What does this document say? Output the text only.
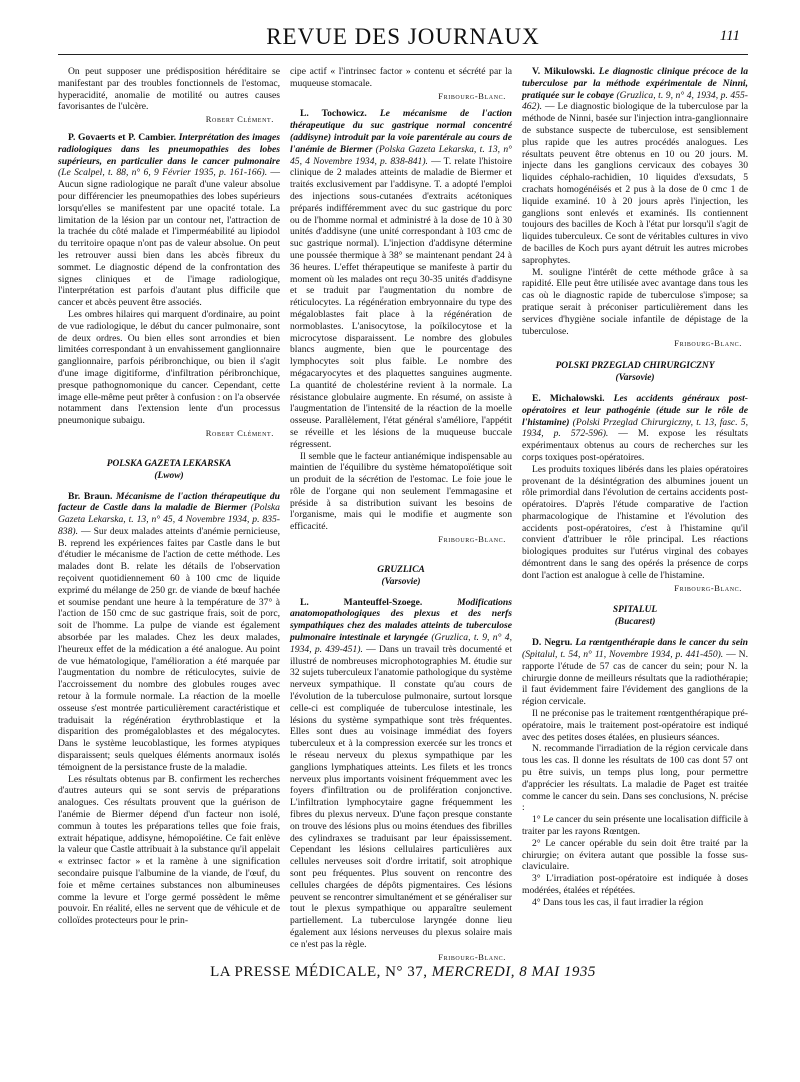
REVUE DES JOURNAUX	111

On peut supposer une prédisposition héréditaire se manifestant par des troubles fonctionnels de l'estomac, hyperacidité, anomalie de motilité ou autres causes favorisantes de l'ulcère.

Robert Clément.

P. Govaerts et P. Cambier. Interprétation des images radiologiques dans les pneumopathies des lobes supérieurs, en particulier dans le cancer pulmonaire (Le Scalpel, t. 88, n° 6, 9 Février 1935, p. 161-166). — Aucun signe radiologique ne paraît d'une valeur absolue pour différencier les pneumopathies des lobes supérieurs lorsqu'elles se manifestent par une opacité totale. La limitation de la lésion par un contour net, l'attraction de la trachée du côté malade et l'imperméabilité au lipiodol du territoire opaque n'ont pas de valeur absolue. On peut les retrouver aussi bien dans les abcès fibreux du sommet. Le diagnostic dépend de la confrontation des signes cliniques et de l'image radiologique, l'interprétation est parfois d'autant plus difficile que cancer et abcès peuvent être associés.

Les ombres hilaires qui marquent d'ordinaire, au point de vue radiologique, le début du cancer pulmonaire, sont de deux ordres. Ou bien elles sont arrondies et bien limitées correspondant à un envahissement ganglionnaire ganglionnaire, parfois péribronchique, ou bien il s'agit d'une image digitiforme, d'infiltration péribronchique, presque pathognomonique du cancer. Cependant, cette image elle-même peut prêter à confusion : on l'a observée notamment dans l'extension lente d'un processus pneumonique subaigu.

Robert Clément.
POLSKA GAZETA LEKARSKA
(Lwow)

Br. Braun. Mécanisme de l'action thérapeutique du facteur de Castle dans la maladie de Biermer (Polska Gazeta Lekarska, t. 13, n° 45, 4 Novembre 1934, p. 835-838). — Sur deux malades atteints d'anémie pernicieuse, B. reprend les expériences faites par Castle dans le but d'étudier le mécanisme de l'action de cette méthode. Les malades dont B. relate les détails de l'observation reçoivent quotidiennement 60 à 100 cmc de liquide exprimé du mélange de 250 gr. de viande de bœuf hachée et soumise pendant une heure à la température de 37° à l'action de 150 cmc de suc gastrique frais, soit de porc, soit de l'homme. La pulpe de viande est également absorbée par les malades. Chez les deux malades, l'heureux effet de la médication a été analogue. Au point de vue hématologique, l'amélioration a été marquée par l'augmentation du nombre de réticulocytes, suivie de l'accroissement du nombre des globules rouges avec retour à la formule normale. La réaction de la moelle osseuse s'est montrée particulièrement caractéristique et traduisait la régénération érythroblastique et la disparition des promégaloblastes et des mégalocytes. Dans le système leucoblastique, les formes atypiques disparaissent; seuls quelques éléments anormaux isolés témoignent de la persistance fruste de la maladie.

Les résultats obtenus par B. confirment les recherches d'autres auteurs qui se sont servis de préparations analogues. Ces résultats prouvent que la guérison de l'anémie de Biermer dépend d'un facteur non isolé, commun à toutes les préparations telles que foie frais, extrait hépatique, addisyne, hémopoïétine. Ce fait enlève la valeur que Castle attribuait à la substance qu'il appelait « extrinsec factor » et la ramène à une signification secondaire puisque l'albumine de la viande, de l'œuf, du foie et même certaines substances non albumineuses comme la levure et l'orge germé possèdent le même pouvoir. En réalité, elles ne servent que de véhicule et de colloïdes protecteurs pour le prin-

cipe actif « l'intrinsec factor » contenu et sécrété par la muqueuse stomacale.

Fribourg-Blanc.

L. Tochowicz. Le mécanisme de l'action thérapeutique du suc gastrique normal concentré (addisyne) introduit par la voie parentérale au cours de l'anémie de Biermer (Polska Gazeta Lekarska, t. 13, n° 45, 4 Novembre 1934, p. 838-841). — T. relate l'histoire clinique de 2 malades atteints de maladie de Biermer et traités exclusivement par l'addisyne. T. a adopté l'emploi des injections sous-cutanées d'extraits acétoniques préparés indifféremment avec du suc gastrique du porc ou de l'homme normal et administré à la dose de 10 à 30 unités d'addisyne (une unité correspondant à 103 cmc de suc gastrique normal). L'injection d'addisyne détermine une poussée thermique à 38° se maintenant pendant 24 à 36 heures. L'effet thérapeutique se manifeste à partir du moment où les malades ont reçu 30-35 unités d'addisyne et se traduit par l'augmentation du nombre de réticulocytes. La régénération embryonnaire du type des mégaloblastes fait place à la régénération de normoblastes. L'anisocytose, la poïkilocytose et la microcytose disparaissent. Le nombre des globules blancs augmente, bien que le pourcentage des lymphocytes soit plus faible. Le nombre des mégacaryocytes et des plaquettes sanguines augmente. La quantité de cholestérine revient à la normale. La résistance globulaire augmente. En résumé, on assiste à l'augmentation de l'intensité de la réaction de la moelle osseuse. Parallèlement, l'état général s'améliore, l'appétit se réveille et les lésions de la muqueuse buccale régressent.

Il semble que le facteur antianémique indispensable au maintien de l'équilibre du système hématopoïétique soit un produit de la sécrétion de l'estomac. Le foie joue le rôle de l'organe qui non seulement l'emmagasine et préside à sa distribution suivant les besoins de l'organisme, mais qui le modifie et augmente son efficacité.

Fribourg-Blanc.
GRUZLICA
(Varsovie)

L. Manteuffel-Szoege.	Modifications anatomopathologiques des plexus et des nerfs sympathiques chez des malades atteints de tuberculose pulmonaire intestinale et laryngée (Gruzlica, t. 9, n° 4, 1934, p. 439-451). — Dans un travail très documenté et illustré de nombreuses microphotographies M. étudie sur 32 sujets tuberculeux l'anatomie pathologique du système nerveux sympathique. Il constate qu'au cours de l'évolution de la tuberculose pulmonaire, surtout lorsque celle-ci est compliquée de tuberculose intestinale, les lésions du système sympathique sont très fréquentes. Elles sont dues au voisinage immédiat des foyers tuberculeux et à la compression exercée sur les troncs et le réseau nerveux du plexus sympathique par les ganglions lymphatiques atteints. Les filets et les troncs nerveux plus importants voisinent fréquemment avec les foyers d'infiltration ou de prolifération conjonctive. L'infiltration lymphocytaire gagne fréquemment les fibres du plexus nerveux. D'une façon presque constante on trouve des lésions plus ou moins étendues des fibrilles des cylindraxes se traduisant par leur épaississement. Cependant les lésions cellulaires particulières aux cellules nerveuses soit d'ordre irritatif, soit atrophique sont peu fréquentes. Plus souvent on rencontre des cellules chargées de dépôts pigmentaires. Ces lésions peuvent se rencontrer simultanément et se généraliser sur tout le plexus sympathique ou apparaître seulement partiellement. La tuberculose laryngée donne lieu également aux lésions nerveuses du plexus solaire mais ce n'est pas la règle.

Fribourg-Blanc.

V. Mikulowski. Le diagnostic clinique précoce de la tuberculose par la méthode expérimentale de Ninni, pratiquée sur le cobaye (Gruzlica, t. 9, n° 4, 1934, p. 455-462). — Le diagnostic biologique de la tuberculose par la méthode de Ninni, basée sur l'injection intra-ganglionnaire de substance suspecte de tuberculose, est sensiblement plus rapide que les autres procédés analogues. Les résultats peuvent être obtenus en 10 ou 20 jours. M. injecte dans les ganglions cervicaux des cobayes 30 liquides céphalo-rachidien, 10 liquides d'exsudats, 5 crachats homogénéisés et 2 pus à la dose de 0 cmc 1 de liquide examiné. 10 à 20 jours après l'injection, les ganglions sont enlevés et examinés. Ils contiennent toujours des bacilles de Koch à l'état pur lorsqu'il s'agit de liquides tuberculeux. Ce sont de véritables cultures in vivo de bacilles de Koch purs ayant détruit les autres microbes saprophytes.

M. souligne l'intérêt de cette méthode grâce à sa rapidité. Elle peut être utilisée avec avantage dans tous les cas où le diagnostic rapide de tuberculose s'impose; sa pratique serait à préconiser particulièrement dans les services d'hygiène sociale infantile de dépistage de la tuberculose.

Fribourg-Blanc.
POLSKI PRZEGLAD CHIRURGICZNY
(Varsovie)

E. Michalowski. Les accidents généraux post-opératoires et leur pathogénie (étude sur le rôle de l'histamine) (Polski Przeglad Chirurgiczny, t. 13, fasc. 5, 1934, p. 572-596). — M. expose les résultats expérimentaux obtenus au cours de recherches sur les corps toxiques post-opératoires.

Les produits toxiques libérés dans les plaies opératoires provenant de la désintégration des albumines jouent un rôle primordial dans l'évolution de certains accidents post-opératoires. D'après l'étude comparative de l'action pharmacologique de l'histamine et l'évolution des accidents post-opératoires, c'est à l'histamine qu'il convient d'attribuer le rôle principal. Les réactions biologiques produites sur l'utérus virginal des cobayes démontrent dans le sang des opérés la présence de corps dont l'action est analogue à celle de l'histamine.

Fribourg-Blanc.
SPITALUL
(Bucarest)

D. Negru. La rœntgenthérapie dans le cancer du sein (Spitalul, t. 54, n° 11, Novembre 1934, p. 441-450). — N. rapporte l'étude de 57 cas de cancer du sein; pour N. la chirurgie donne de meilleurs résultats que la radiothérapie; il faut évidemment faire l'évidement des ganglions de la région cervicale.

Il ne préconise pas le traitement rœntgenthérapique pré-opératoire, mais le traitement post-opératoire est indiqué avec des petites doses étalées, en plusieurs séances.

N. recommande l'irradiation de la région cervicale dans tous les cas. Il donne les résultats de 100 cas dont 57 ont pu être suivis, un temps plus long, pour permettre d'apprécier les résultats. La maladie de Paget est traitée comme le cancer du sein. Dans ses conclusions, N. précise :

1° Le cancer du sein présente une localisation difficile à traiter par les rayons Rœntgen.

2° Le cancer opérable du sein doit être traité par la chirurgie; on évitera autant que possible la fosse sus-claviculaire.

3° L'irradiation post-opératoire est indiquée à doses modérées, étalées et répétées.

4° Dans tous les cas, il faut irradier la région

LA PRESSE MÉDICALE, N° 37, MERCREDI, 8 MAI 1935
